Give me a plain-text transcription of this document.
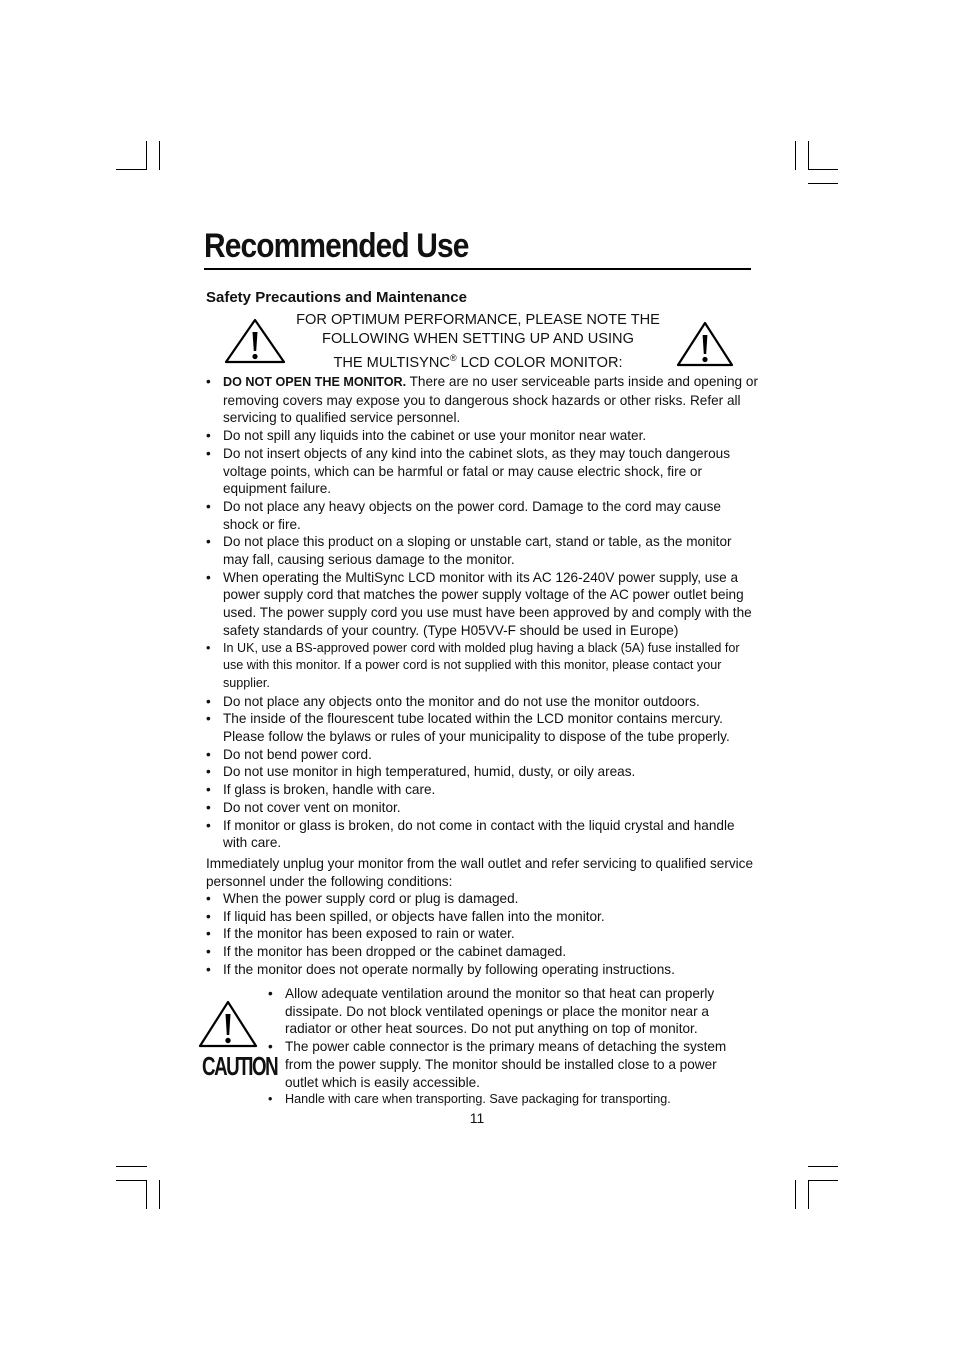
Recommended Use
Safety Precautions and Maintenance

FOR OPTIMUM PERFORMANCE, PLEASE NOTE THE

FOLLOWING WHEN SETTING UP AND USING

THE MULTISYNC® LCD COLOR MONITOR:

• DO NOT OPEN THE MONITOR. There are no user serviceable parts inside and opening or removing covers may expose you to dangerous shock hazards or other risks. Refer all servicing to qualified service personnel.
• Do not spill any liquids into the cabinet or use your monitor near water.
• Do not insert objects of any kind into the cabinet slots, as they may touch dangerous voltage points, which can be harmful or fatal or may cause electric shock, fire or equipment failure.
• Do not place any heavy objects on the power cord. Damage to the cord may cause shock or fire.
• Do not place this product on a sloping or unstable cart, stand or table, as the monitor may fall, causing serious damage to the monitor.
• When operating the MultiSync LCD monitor with its AC 126-240V power supply, use a power supply cord that matches the power supply voltage of the AC power outlet being used. The power supply cord you use must have been approved by and comply with the safety standards of your country. (Type H05VV-F should be used in Europe)
• In UK, use a BS-approved power cord with molded plug having a black (5A) fuse installed for use with this monitor. If a power cord is not supplied with this monitor, please contact your supplier.
• Do not place any objects onto the monitor and do not use the monitor outdoors.
• The inside of the flourescent tube located within the LCD monitor contains mercury. Please follow the bylaws or rules of your municipality to dispose of the tube properly.
• Do not bend power cord.
• Do not use monitor in high temperatured, humid, dusty, or oily areas.
• If glass is broken, handle with care.
• Do not cover vent on monitor.
• If monitor or glass is broken, do not come in contact with the liquid crystal and handle with care.

Immediately unplug your monitor from the wall outlet and refer servicing to qualified service personnel under the following conditions:

• When the power supply cord or plug is damaged.
• If liquid has been spilled, or objects have fallen into the monitor.
• If the monitor has been exposed to rain or water.
• If the monitor has been dropped or the cabinet damaged.
• If the monitor does not operate normally by following operating instructions.

CAUTION

• Allow adequate ventilation around the monitor so that heat can properly dissipate. Do not block ventilated openings or place the monitor near a radiator or other heat sources. Do not put anything on top of monitor.
• The power cable connector is the primary means of detaching the system from the power supply. The monitor should be installed close to a power outlet which is easily accessible.
• Handle with care when transporting. Save packaging for transporting.

11
